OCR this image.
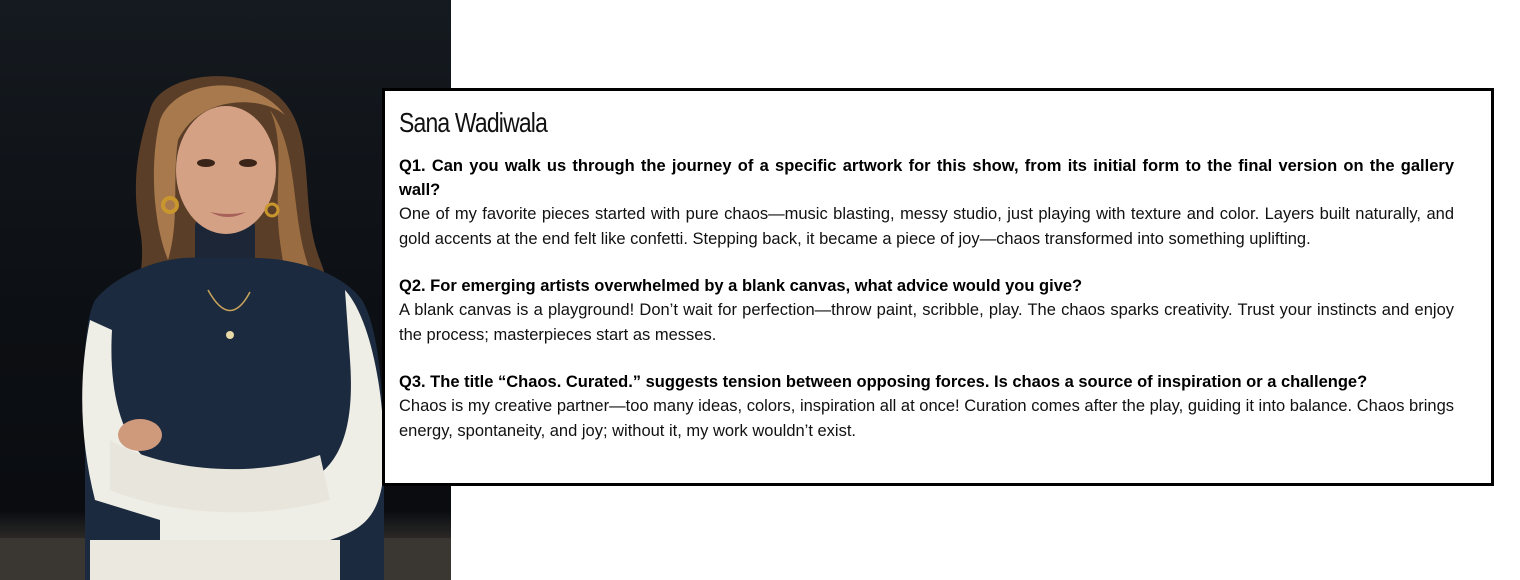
Sana Wadiwala

Q1. Can you walk us through the journey of a specific artwork for this show, from its initial form to the final version on the gallery wall?

One of my favorite pieces started with pure chaos—music blasting, messy studio, just playing with texture and color. Layers built naturally, and gold accents at the end felt like confetti. Stepping back, it became a piece of joy—chaos transformed into something uplifting.

Q2. For emerging artists overwhelmed by a blank canvas, what advice would you give?

A blank canvas is a playground! Don’t wait for perfection—throw paint, scribble, play. The chaos sparks creativity. Trust your instincts and enjoy the process; masterpieces start as messes.

Q3. The title “Chaos. Curated.” suggests tension between opposing forces. Is chaos a source of inspiration or a challenge?

Chaos is my creative partner—too many ideas, colors, inspiration all at once! Curation comes after the play, guiding it into balance. Chaos brings energy, spontaneity, and joy; without it, my work wouldn’t exist.
